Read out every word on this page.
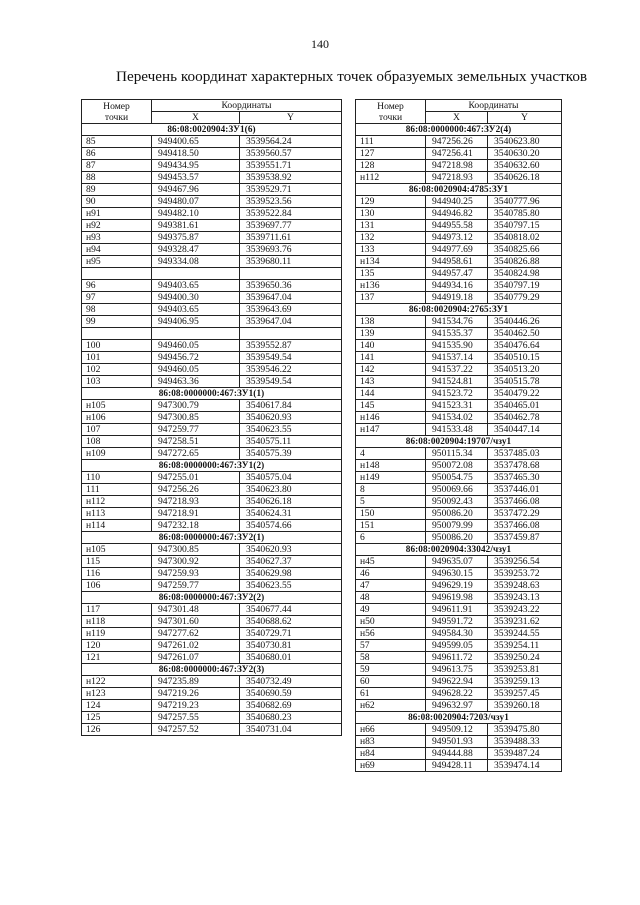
140
Перечень координат характерных точек образуемых земельных участков
Номер
точки	Координаты	
	X	Y
86:08:0020904:ЗУ1(6)		
85	949400.65	3539564.24
86	949418.50	3539560.57
87	949434.95	3539551.71
88	949453.57	3539538.92
89	949467.96	3539529.71
90	949480.07	3539523.56
н91	949482.10	3539522.84
н92	949381.61	3539697.77
н93	949375.87	3539711.61
н94	949328.47	3539693.76
н95	949334.08	3539680.11

96	949403.65	3539650.36
97	949400.30	3539647.04
98	949403.65	3539643.69
99	949406.95	3539647.04

100	949460.05	3539552.87
101	949456.72	3539549.54
102	949460.05	3539546.22
103	949463.36	3539549.54
86:08:0000000:467:ЗУ1(1)		
н105	947300.79	3540617.84
н106	947300.85	3540620.93
107	947259.77	3540623.55
108	947258.51	3540575.11
н109	947272.65	3540575.39
86:08:0000000:467:ЗУ1(2)		
110	947255.01	3540575.04
111	947256.26	3540623.80
н112	947218.93	3540626.18
н113	947218.91	3540624.31
н114	947232.18	3540574.66
86:08:0000000:467:ЗУ2(1)		
н105	947300.85	3540620.93
115	947300.92	3540627.37
116	947259.93	3540629.98
106	947259.77	3540623.55
86:08:0000000:467:ЗУ2(2)		
117	947301.48	3540677.44
н118	947301.60	3540688.62
н119	947277.62	3540729.71
120	947261.02	3540730.81
121	947261.07	3540680.01
86:08:0000000:467:ЗУ2(3)		
н122	947235.89	3540732.49
н123	947219.26	3540690.59
124	947219.23	3540682.69
125	947257.55	3540680.23
126	947257.52	3540731.04
Номер
точки	Координаты	
	X	Y
86:08:0000000:467:ЗУ2(4)		
111	947256.26	3540623.80
127	947256.41	3540630.20
128	947218.98	3540632.60
н112	947218.93	3540626.18
86:08:0020904:4785:ЗУ1		
129	944940.25	3540777.96
130	944946.82	3540785.80
131	944955.58	3540797.15
132	944973.12	3540818.02
133	944977.69	3540825.66
н134	944958.61	3540826.88
135	944957.47	3540824.98
н136	944934.16	3540797.19
137	944919.18	3540779.29
86:08:0020904:2765:ЗУ1		
138	941534.76	3540446.26
139	941535.37	3540462.50
140	941535.90	3540476.64
141	941537.14	3540510.15
142	941537.22	3540513.20
143	941524.81	3540515.78
144	941523.72	3540479.22
145	941523.31	3540465.01
н146	941534.02	3540462.78
н147	941533.48	3540447.14
86:08:0020904:19707/чзу1		
4	950115.34	3537485.03
н148	950072.08	3537478.68
н149	950054.75	3537465.30
8	950069.66	3537446.01
5	950092.43	3537466.08
150	950086.20	3537472.29
151	950079.99	3537466.08
6	950086.20	3537459.87
86:08:0020904:33042/чзу1		
н45	949635.07	3539256.54
46	949630.15	3539253.72
47	949629.19	3539248.63
48	949619.98	3539243.13
49	949611.91	3539243.22
н50	949591.72	3539231.62
н56	949584.30	3539244.55
57	949599.05	3539254.11
58	949611.72	3539250.24
59	949613.75	3539253.81
60	949622.94	3539259.13
61	949628.22	3539257.45
н62	949632.97	3539260.18
86:08:0020904:7203/чзу1		
н66	949509.12	3539475.80
н83	949501.93	3539488.33
н84	949444.88	3539487.24
н69	949428.11	3539474.14
